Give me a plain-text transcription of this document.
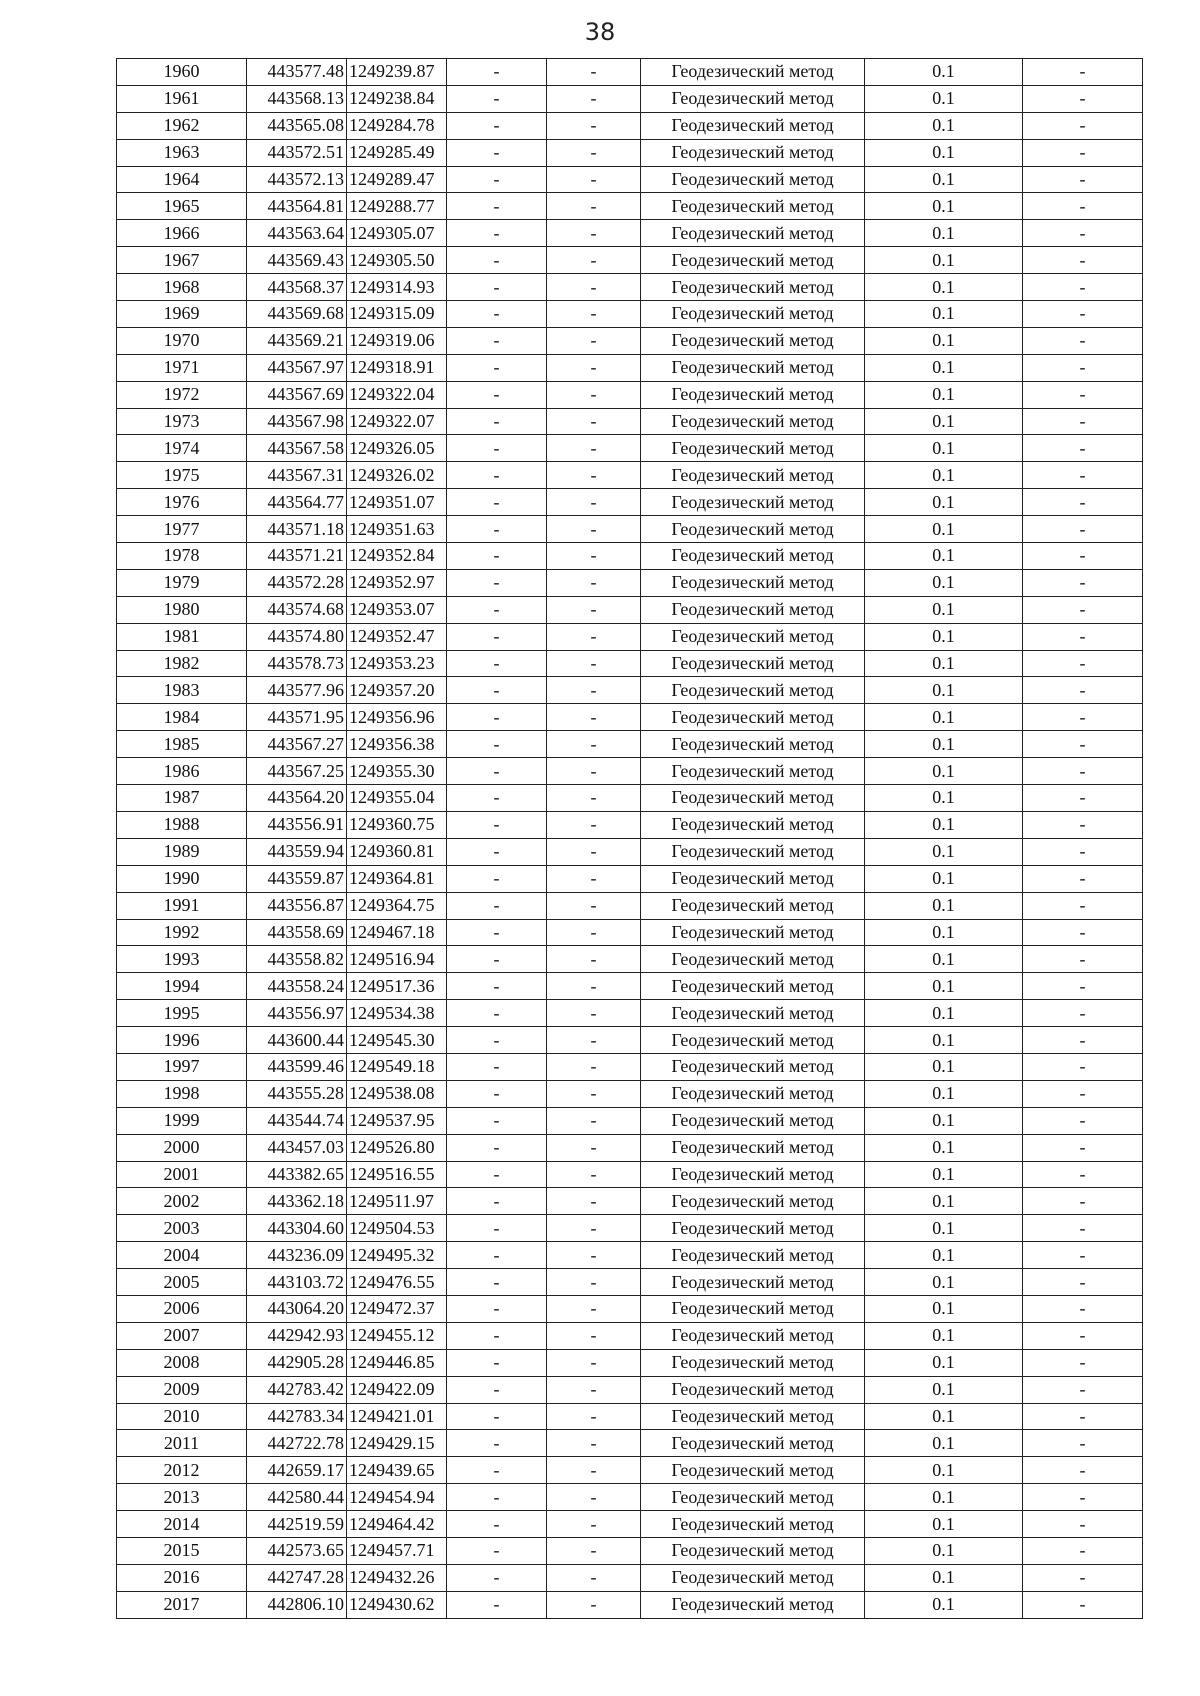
38
1960	443577.48	1249239.87	-	-	Геодезический метод	0.1	-
1961	443568.13	1249238.84	-	-	Геодезический метод	0.1	-
1962	443565.08	1249284.78	-	-	Геодезический метод	0.1	-
1963	443572.51	1249285.49	-	-	Геодезический метод	0.1	-
1964	443572.13	1249289.47	-	-	Геодезический метод	0.1	-
1965	443564.81	1249288.77	-	-	Геодезический метод	0.1	-
1966	443563.64	1249305.07	-	-	Геодезический метод	0.1	-
1967	443569.43	1249305.50	-	-	Геодезический метод	0.1	-
1968	443568.37	1249314.93	-	-	Геодезический метод	0.1	-
1969	443569.68	1249315.09	-	-	Геодезический метод	0.1	-
1970	443569.21	1249319.06	-	-	Геодезический метод	0.1	-
1971	443567.97	1249318.91	-	-	Геодезический метод	0.1	-
1972	443567.69	1249322.04	-	-	Геодезический метод	0.1	-
1973	443567.98	1249322.07	-	-	Геодезический метод	0.1	-
1974	443567.58	1249326.05	-	-	Геодезический метод	0.1	-
1975	443567.31	1249326.02	-	-	Геодезический метод	0.1	-
1976	443564.77	1249351.07	-	-	Геодезический метод	0.1	-
1977	443571.18	1249351.63	-	-	Геодезический метод	0.1	-
1978	443571.21	1249352.84	-	-	Геодезический метод	0.1	-
1979	443572.28	1249352.97	-	-	Геодезический метод	0.1	-
1980	443574.68	1249353.07	-	-	Геодезический метод	0.1	-
1981	443574.80	1249352.47	-	-	Геодезический метод	0.1	-
1982	443578.73	1249353.23	-	-	Геодезический метод	0.1	-
1983	443577.96	1249357.20	-	-	Геодезический метод	0.1	-
1984	443571.95	1249356.96	-	-	Геодезический метод	0.1	-
1985	443567.27	1249356.38	-	-	Геодезический метод	0.1	-
1986	443567.25	1249355.30	-	-	Геодезический метод	0.1	-
1987	443564.20	1249355.04	-	-	Геодезический метод	0.1	-
1988	443556.91	1249360.75	-	-	Геодезический метод	0.1	-
1989	443559.94	1249360.81	-	-	Геодезический метод	0.1	-
1990	443559.87	1249364.81	-	-	Геодезический метод	0.1	-
1991	443556.87	1249364.75	-	-	Геодезический метод	0.1	-
1992	443558.69	1249467.18	-	-	Геодезический метод	0.1	-
1993	443558.82	1249516.94	-	-	Геодезический метод	0.1	-
1994	443558.24	1249517.36	-	-	Геодезический метод	0.1	-
1995	443556.97	1249534.38	-	-	Геодезический метод	0.1	-
1996	443600.44	1249545.30	-	-	Геодезический метод	0.1	-
1997	443599.46	1249549.18	-	-	Геодезический метод	0.1	-
1998	443555.28	1249538.08	-	-	Геодезический метод	0.1	-
1999	443544.74	1249537.95	-	-	Геодезический метод	0.1	-
2000	443457.03	1249526.80	-	-	Геодезический метод	0.1	-
2001	443382.65	1249516.55	-	-	Геодезический метод	0.1	-
2002	443362.18	1249511.97	-	-	Геодезический метод	0.1	-
2003	443304.60	1249504.53	-	-	Геодезический метод	0.1	-
2004	443236.09	1249495.32	-	-	Геодезический метод	0.1	-
2005	443103.72	1249476.55	-	-	Геодезический метод	0.1	-
2006	443064.20	1249472.37	-	-	Геодезический метод	0.1	-
2007	442942.93	1249455.12	-	-	Геодезический метод	0.1	-
2008	442905.28	1249446.85	-	-	Геодезический метод	0.1	-
2009	442783.42	1249422.09	-	-	Геодезический метод	0.1	-
2010	442783.34	1249421.01	-	-	Геодезический метод	0.1	-
2011	442722.78	1249429.15	-	-	Геодезический метод	0.1	-
2012	442659.17	1249439.65	-	-	Геодезический метод	0.1	-
2013	442580.44	1249454.94	-	-	Геодезический метод	0.1	-
2014	442519.59	1249464.42	-	-	Геодезический метод	0.1	-
2015	442573.65	1249457.71	-	-	Геодезический метод	0.1	-
2016	442747.28	1249432.26	-	-	Геодезический метод	0.1	-
2017	442806.10	1249430.62	-	-	Геодезический метод	0.1	-
